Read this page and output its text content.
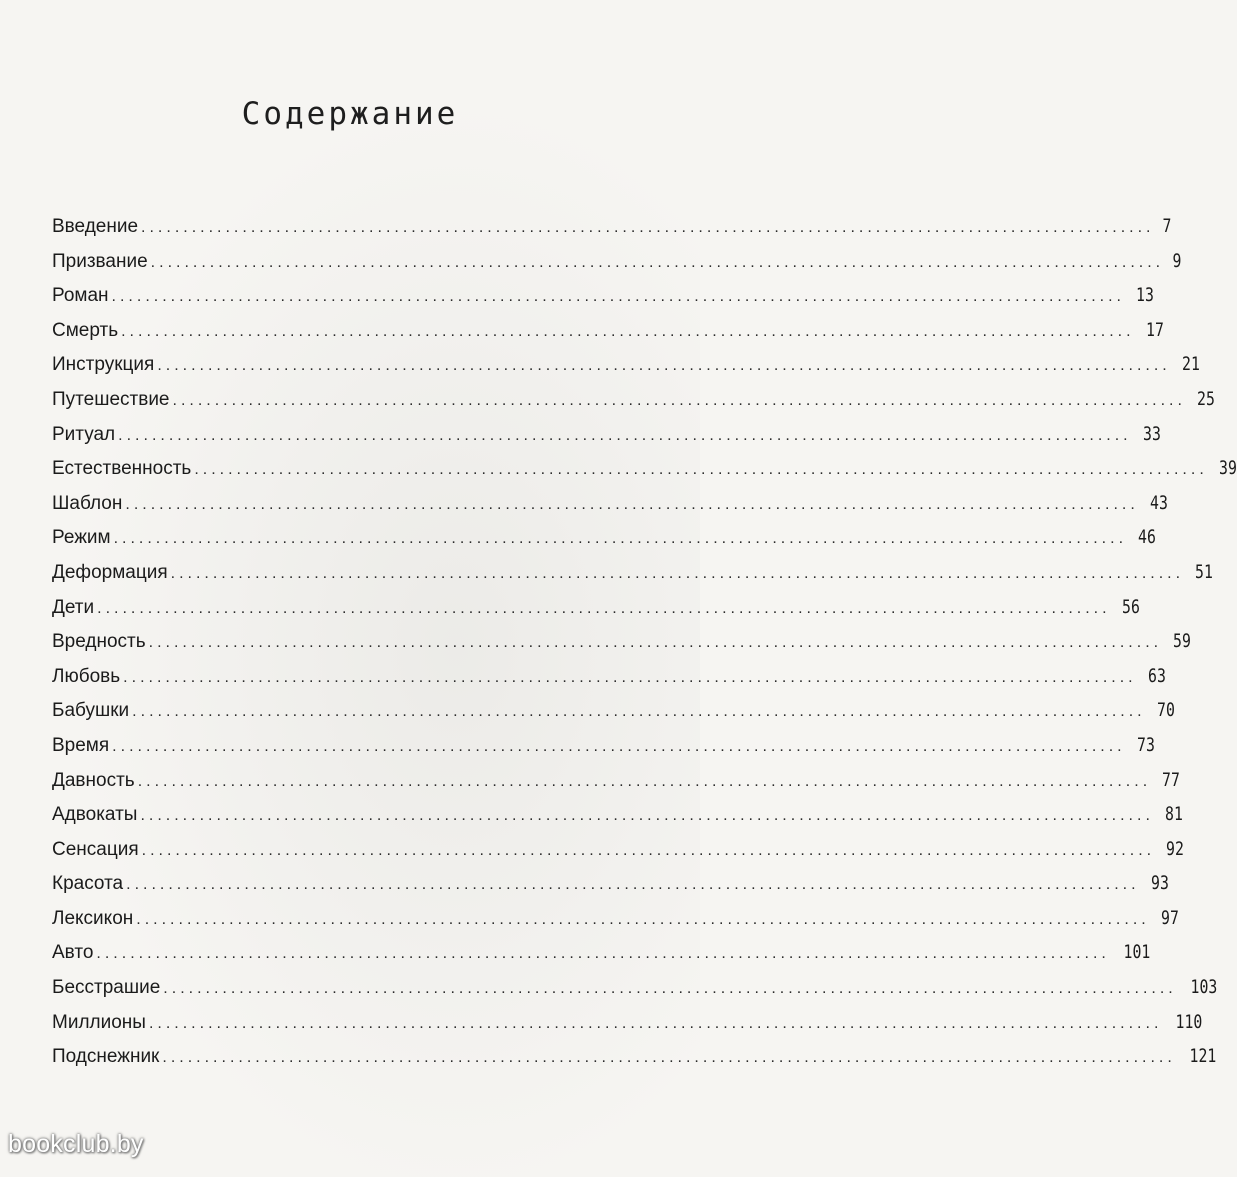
Содержание
Введение ........................................................................................................................ 7
Призвание ........................................................................................................................ 9
Роман ........................................................................................................................ 13
Смерть ........................................................................................................................ 17
Инструкция ........................................................................................................................ 21
Путешествие ........................................................................................................................ 25
Ритуал ........................................................................................................................ 33
Естественность ........................................................................................................................ 39
Шаблон ........................................................................................................................ 43
Режим ........................................................................................................................ 46
Деформация ........................................................................................................................ 51
Дети ........................................................................................................................ 56
Вредность ........................................................................................................................ 59
Любовь ........................................................................................................................ 63
Бабушки ........................................................................................................................ 70
Время ........................................................................................................................ 73
Давность ........................................................................................................................ 77
Адвокаты ........................................................................................................................ 81
Сенсация ........................................................................................................................ 92
Красота ........................................................................................................................ 93
Лексикон ........................................................................................................................ 97
Авто ........................................................................................................................ 101
Бесстрашие ........................................................................................................................ 103
Миллионы ........................................................................................................................ 110
Подснежник ........................................................................................................................ 121
bookclub.by
